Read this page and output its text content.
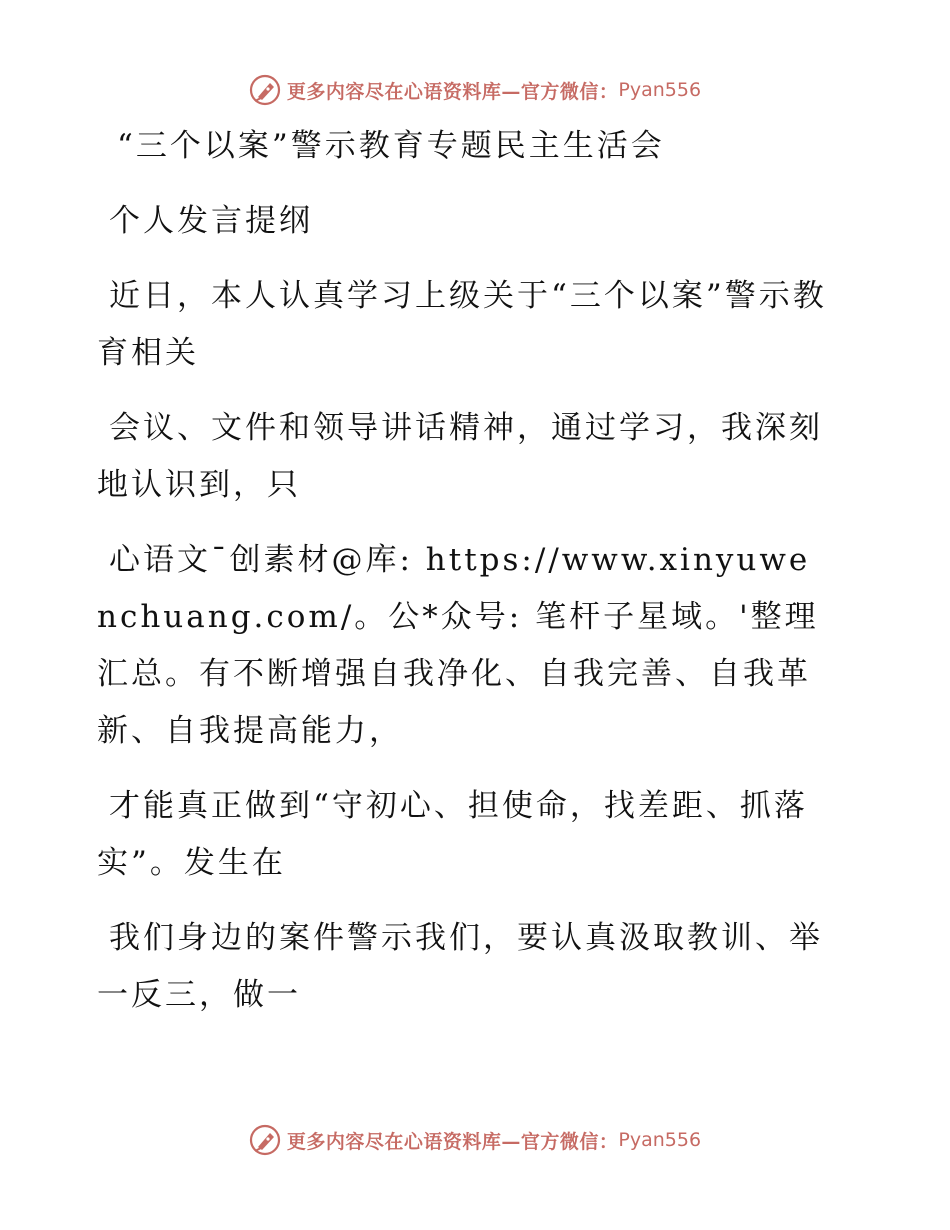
更多内容尽在心语资料库—官方微信： Pyan556

“三个以案”警示教育专题民主生活会

个人发言提纲

近日，本人认真学习上级关于“三个以案”警示教育相关

会议、文件和领导讲话精神，通过学习，我深刻地认识到，只

心语文¯创素材@库: https://www.xinyuwenchuang.com/。公*众号: 笔杆子星域。'整理汇总。有不断增强自我净化、自我完善、自我革新、自我提高能力，

才能真正做到“守初心、担使命，找差距、抓落实”。发生在

我们身边的案件警示我们，要认真汲取教训、举一反三，做一

更多内容尽在心语资料库—官方微信： Pyan556
